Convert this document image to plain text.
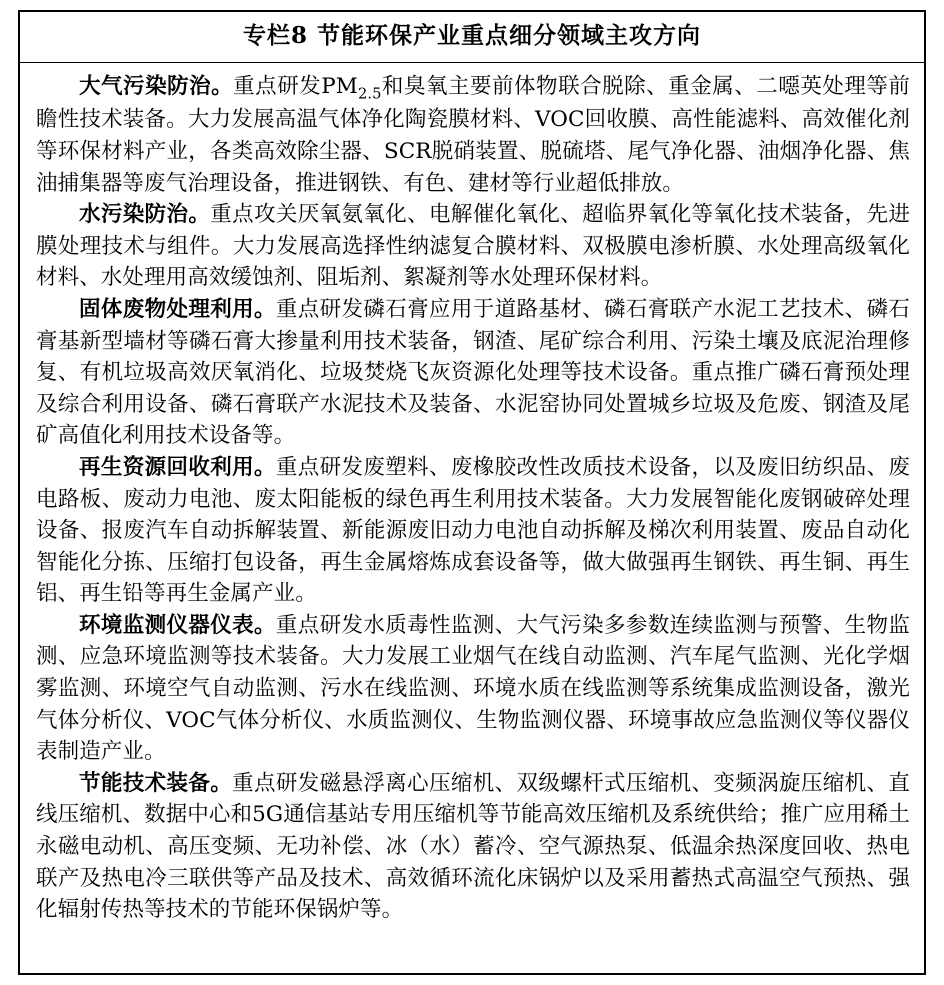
专栏8 节能环保产业重点细分领域主攻方向

大气污染防治。重点研发$PM_{2.5}$和臭氧主要前体物联合脱除、重金属、二噁英处理等前瞻性技术装备。大力发展高温气体净化陶瓷膜材料、VOC回收膜、高性能滤料、高效催化剂等环保材料产业，各类高效除尘器、SCR脱硝装置、脱硫塔、尾气净化器、油烟净化器、焦油捕集器等废气治理设备，推进钢铁、有色、建材等行业超低排放。

水污染防治。重点攻关厌氧氨氧化、电解催化氧化、超临界氧化等氧化技术装备，先进膜处理技术与组件。大力发展高选择性纳滤复合膜材料、双极膜电渗析膜、水处理高级氧化材料、水处理用高效缓蚀剂、阻垢剂、絮凝剂等水处理环保材料。

固体废物处理利用。重点研发磷石膏应用于道路基材、磷石膏联产水泥工艺技术、磷石膏基新型墙材等磷石膏大掺量利用技术装备，钢渣、尾矿综合利用、污染土壤及底泥治理修复、有机垃圾高效厌氧消化、垃圾焚烧飞灰资源化处理等技术设备。重点推广磷石膏预处理及综合利用设备、磷石膏联产水泥技术及装备、水泥窑协同处置城乡垃圾及危废、钢渣及尾矿高值化利用技术设备等。

再生资源回收利用。重点研发废塑料、废橡胶改性改质技术设备，以及废旧纺织品、废电路板、废动力电池、废太阳能板的绿色再生利用技术装备。大力发展智能化废钢破碎处理设备、报废汽车自动拆解装置、新能源废旧动力电池自动拆解及梯次利用装置、废品自动化智能化分拣、压缩打包设备，再生金属熔炼成套设备等，做大做强再生钢铁、再生铜、再生铝、再生铅等再生金属产业。

环境监测仪器仪表。重点研发水质毒性监测、大气污染多参数连续监测与预警、生物监测、应急环境监测等技术装备。大力发展工业烟气在线自动监测、汽车尾气监测、光化学烟雾监测、环境空气自动监测、污水在线监测、环境水质在线监测等系统集成监测设备，激光气体分析仪、VOC气体分析仪、水质监测仪、生物监测仪器、环境事故应急监测仪等仪器仪表制造产业。

节能技术装备。重点研发磁悬浮离心压缩机、双级螺杆式压缩机、变频涡旋压缩机、直线压缩机、数据中心和5G通信基站专用压缩机等节能高效压缩机及系统供给；推广应用稀土永磁电动机、高压变频、无功补偿、冰（水）蓄冷、空气源热泵、低温余热深度回收、热电联产及热电冷三联供等产品及技术、高效循环流化床锅炉以及采用蓄热式高温空气预热、强化辐射传热等技术的节能环保锅炉等。
